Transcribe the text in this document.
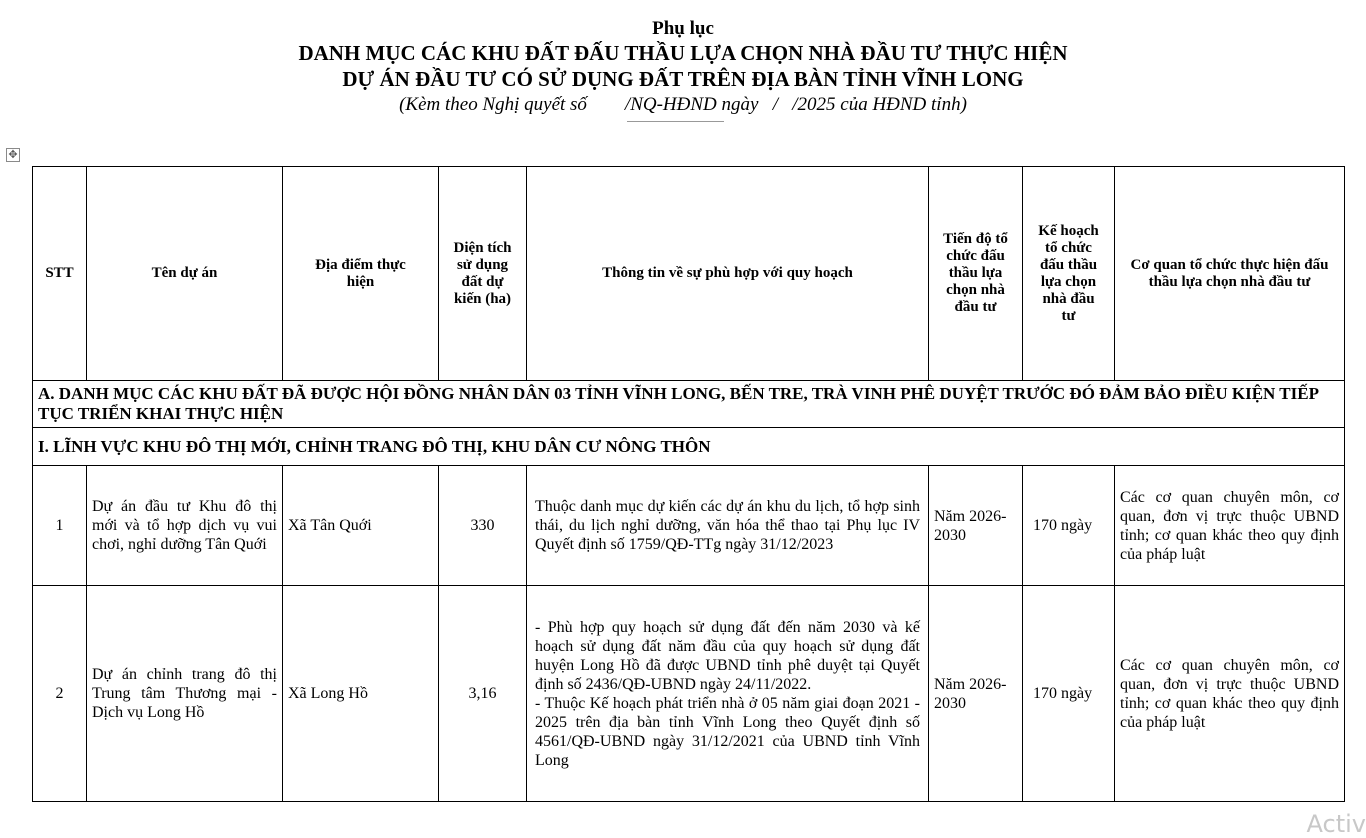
Phụ lục
DANH MỤC CÁC KHU ĐẤT ĐẤU THẦU LỰA CHỌN NHÀ ĐẦU TƯ THỰC HIỆN
DỰ ÁN ĐẦU TƯ CÓ SỬ DỤNG ĐẤT TRÊN ĐỊA BÀN TỈNH VĨNH LONG
(Kèm theo Nghị quyết số        /NQ-HĐND ngày   /   /2025 của HĐND tỉnh)
✥
STT	Tên dự án	Địa điểm thực hiện	Diện tích sử dụng đất dự kiến (ha)	Thông tin về sự phù hợp với quy hoạch	Tiến độ tổ chức đấu thầu lựa chọn nhà đầu tư	Kế hoạch tổ chức đấu thầu lựa chọn nhà đầu tư	Cơ quan tổ chức thực hiện đấu thầu lựa chọn nhà đầu tư
A. DANH MỤC CÁC KHU ĐẤT ĐÃ ĐƯỢC HỘI ĐỒNG NHÂN DÂN 03 TỈNH VĨNH LONG, BẾN TRE, TRÀ VINH PHÊ DUYỆT TRƯỚC ĐÓ ĐẢM BẢO ĐIỀU KIỆN TIẾP TỤC TRIỂN KHAI THỰC HIỆN							
I. LĨNH VỰC KHU ĐÔ THỊ MỚI, CHỈNH TRANG ĐÔ THỊ, KHU DÂN CƯ NÔNG THÔN							
1	Dự án đầu tư Khu đô thị mới và tổ hợp dịch vụ vui chơi, nghỉ dưỡng Tân Quới	Xã Tân Quới	330	Thuộc danh mục dự kiến các dự án khu du lịch, tổ hợp sinh thái, du lịch nghỉ dưỡng, văn hóa thể thao tại Phụ lục IV Quyết định số 1759/QĐ-TTg ngày 31/12/2023	Năm 2026-2030	170 ngày	Các cơ quan chuyên môn, cơ quan, đơn vị trực thuộc UBND tỉnh; cơ quan khác theo quy định của pháp luật
2	Dự án chỉnh trang đô thị Trung tâm Thương mại - Dịch vụ Long Hồ	Xã Long Hồ	3,16	- Phù hợp quy hoạch sử dụng đất đến năm 2030 và kế hoạch sử dụng đất năm đầu của quy hoạch sử dụng đất huyện Long Hồ đã được UBND tỉnh phê duyệt tại Quyết định số 2436/QĐ-UBND ngày 24/11/2022.
- Thuộc Kế hoạch phát triển nhà ở 05 năm giai đoạn 2021 - 2025 trên địa bàn tỉnh Vĩnh Long theo Quyết định số 4561/QĐ-UBND ngày 31/12/2021 của UBND tỉnh Vĩnh Long	Năm 2026-2030	170 ngày	Các cơ quan chuyên môn, cơ quan, đơn vị trực thuộc UBND tỉnh; cơ quan khác theo quy định của pháp luật
Activ
